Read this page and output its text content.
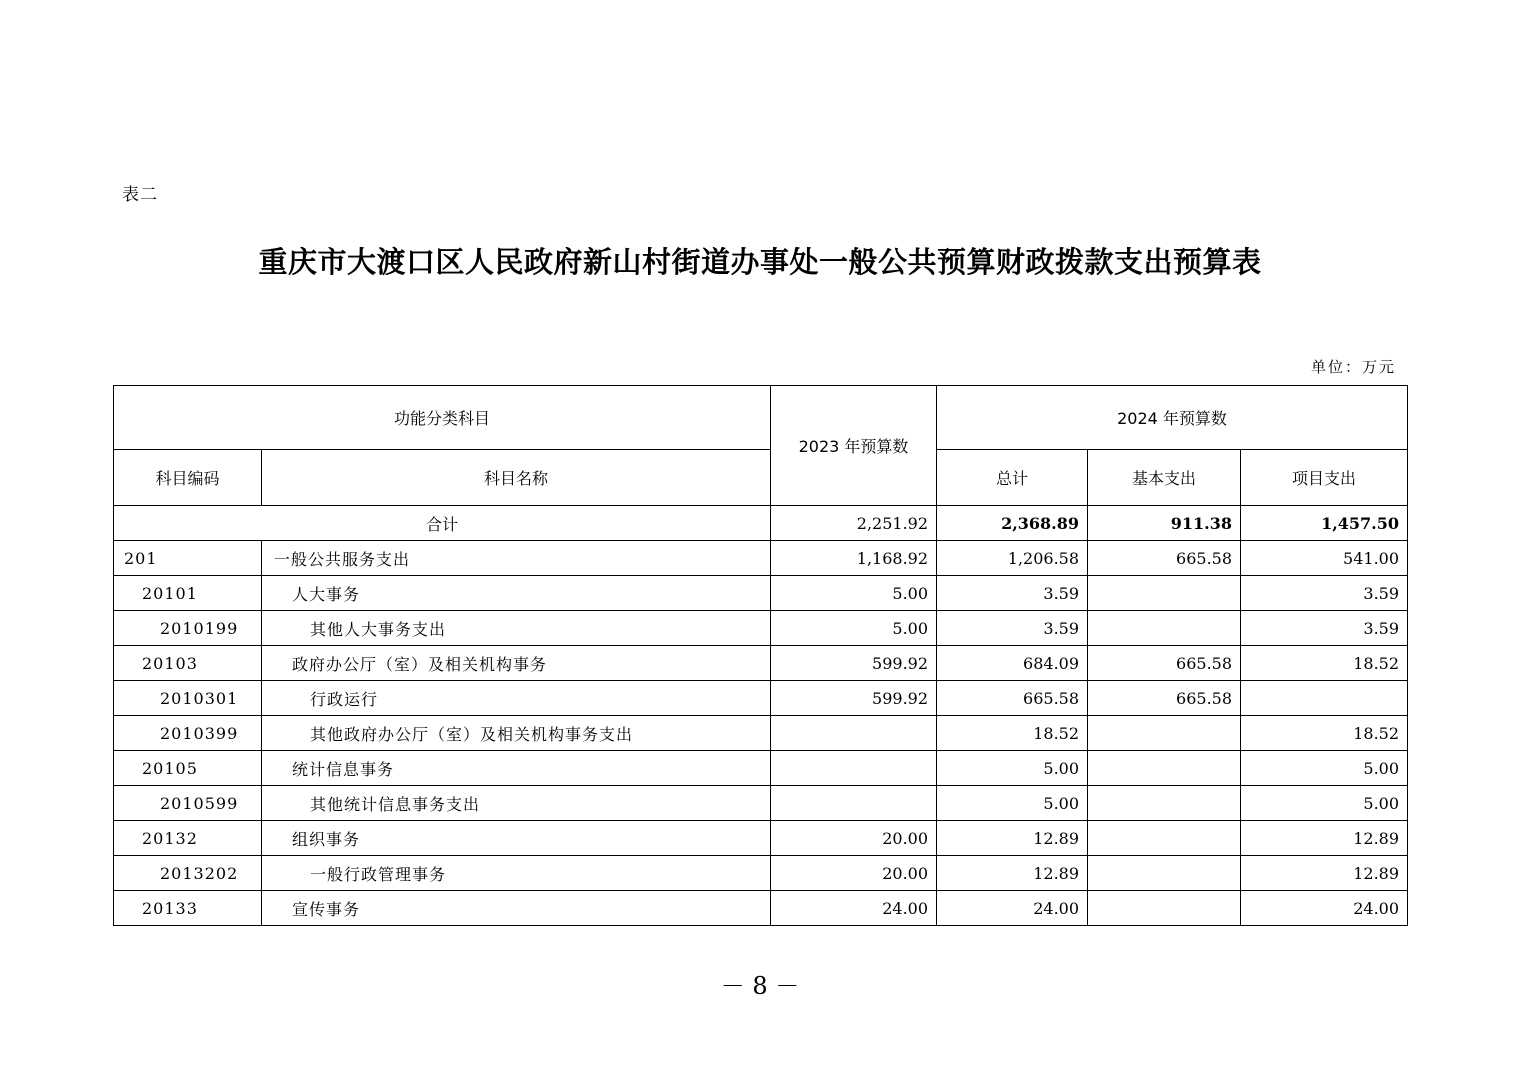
表二
重庆市大渡口区人民政府新山村街道办事处一般公共预算财政拨款支出预算表
单位：万元
功能分类科目		2023 年预算数	2024 年预算数		
科目编码	科目名称		总计	基本支出	项目支出
合计		2,251.92	2,368.89	911.38	1,457.50
201	一般公共服务支出	1,168.92	1,206.58	665.58	541.00
20101	人大事务	5.00	3.59		3.59
2010199	其他人大事务支出	5.00	3.59		3.59
20103	政府办公厅（室）及相关机构事务	599.92	684.09	665.58	18.52
2010301	行政运行	599.92	665.58	665.58	
2010399	其他政府办公厅（室）及相关机构事务支出		18.52		18.52
20105	统计信息事务		5.00		5.00
2010599	其他统计信息事务支出		5.00		5.00
20132	组织事务	20.00	12.89		12.89
2013202	一般行政管理事务	20.00	12.89		12.89
20133	宣传事务	24.00	24.00		24.00
－ 8 －
